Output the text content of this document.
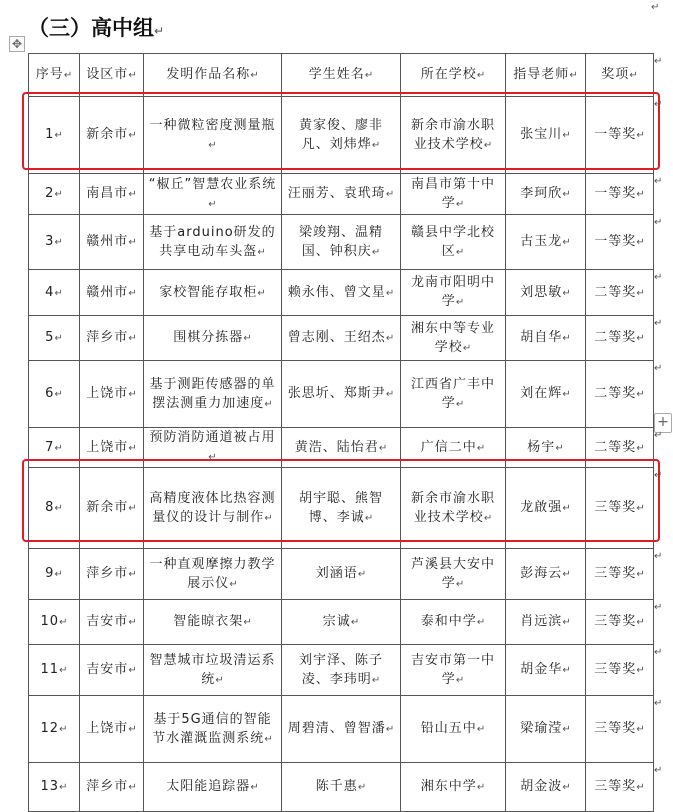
（三）高中组↵
✥
↵
序号↵	设区市↵	发明作品名称↵	学生姓名↵	所在学校↵	指导老师↵	奖项↵
1↵	新余市↵	一种微粒密度测量瓶↵	黄家俊、廖非凡、刘炜烨↵	新余市渝水职业技术学校↵	张宝川↵	一等奖↵
2↵	南昌市↵	“椒丘”智慧农业系统↵	汪丽芳、袁玳琦↵	南昌市第十中学↵	李珂欣↵	一等奖↵
3↵	赣州市↵	基于arduino研发的共享电动车头盔↵	梁竣翔、温精国、钟积庆↵	赣县中学北校区↵	古玉龙↵	一等奖↵
4↵	赣州市↵	家校智能存取柜↵	赖永伟、曾文星↵	龙南市阳明中学↵	刘思敏↵	二等奖↵
5↵	萍乡市↵	围棋分拣器↵	曾志刚、王绍杰↵	湘东中等专业学校↵	胡自华↵	二等奖↵
6↵	上饶市↵	基于测距传感器的单摆法测重力加速度↵	张思圻、郑斯尹↵	江西省广丰中学↵	刘在辉↵	二等奖↵
7↵	上饶市↵	预防消防通道被占用↵	黄浩、陆怡君↵	广信二中↵	杨宇↵	二等奖↵
8↵	新余市↵	高精度液体比热容测量仪的设计与制作↵	胡宇聪、熊智博、李诚↵	新余市渝水职业技术学校↵	龙啟强↵	三等奖↵
9↵	萍乡市↵	一种直观摩擦力教学展示仪↵	刘涵语↵	芦溪县大安中学↵	彭海云↵	三等奖↵
10↵	吉安市↵	智能晾衣架↵	宗诚↵	泰和中学↵	肖远滨↵	三等奖↵
11↵	吉安市↵	智慧城市垃圾清运系统↵	刘宇泽、陈子凌、李玮明↵	吉安市第一中学↵	胡金华↵	三等奖↵
12↵	上饶市↵	基于5G通信的智能节水灌溉监测系统↵	周碧清、曾智潘↵	铅山五中↵	梁瑜滢↵	三等奖↵
13↵	萍乡市↵	太阳能追踪器↵	陈千惠↵	湘东中学↵	胡金波↵	三等奖↵
+
↵
↵
↵
↵
↵
↵
↵
↵
↵
↵
↵
↵
↵
↵
